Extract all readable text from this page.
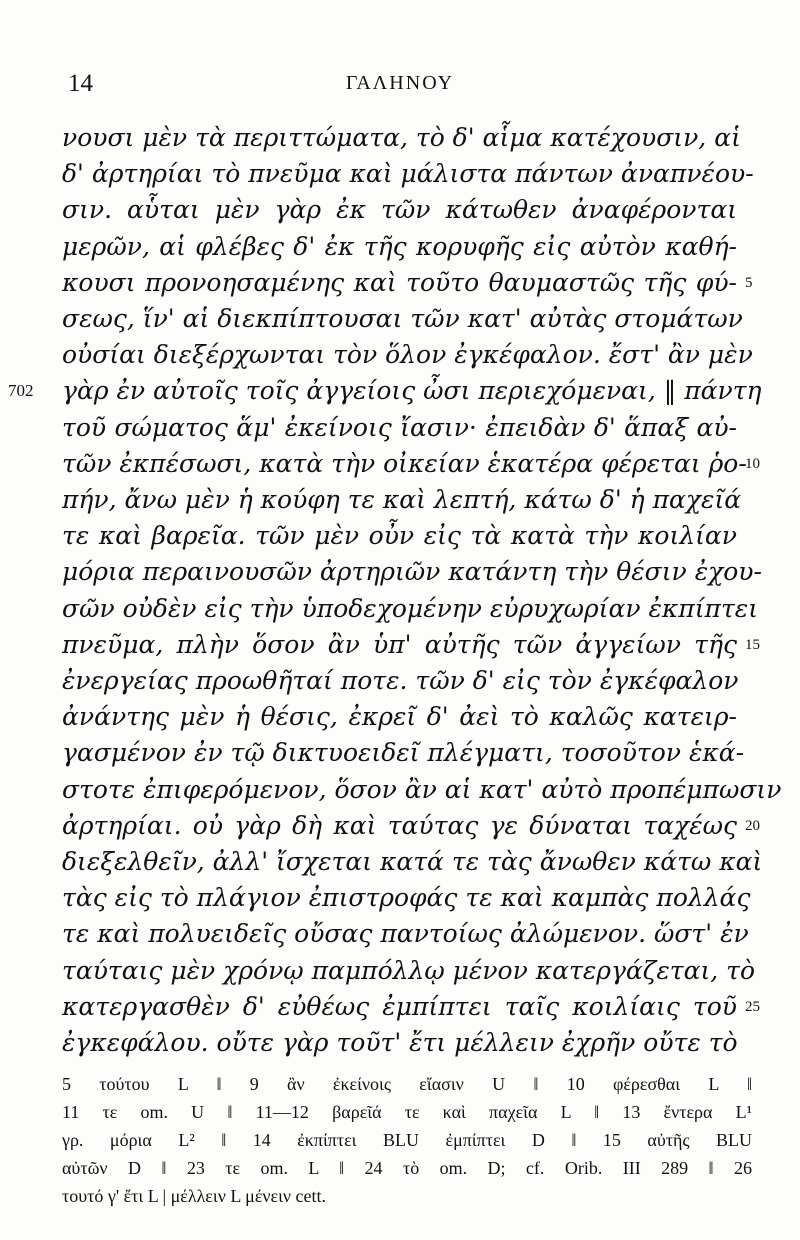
14	ΓΑΛΗΝΟΥ
νουσι μὲν τὰ περιττώματα, τὸ δ' αἷμα κατέχουσιν, αἱ
δ' ἀρτηρίαι τὸ πνεῦμα καὶ μάλιστα πάντων ἀναπνέου-
σιν. αὗται μὲν γὰρ ἐκ τῶν κάτωθεν ἀναφέρονται
μερῶν, αἱ φλέβες δ' ἐκ τῆς κορυφῆς εἰς αὐτὸν καθή-
κουσι προνοησαμένης καὶ τοῦτο θαυμαστῶς τῆς φύ- 5
σεως, ἵν' αἱ διεκπίπτουσαι τῶν κατ' αὐτὰς στομάτων
οὐσίαι διεξέρχωνται τὸν ὅλον ἐγκέφαλον. ἔστ' ἂν μὲν
γὰρ ἐν αὐτοῖς τοῖς ἀγγείοις ὦσι περιεχόμεναι, ‖ πάντη
702
τοῦ σώματος ἅμ' ἐκείνοις ἴασιν· ἐπειδὰν δ' ἅπαξ αὐ-
τῶν ἐκπέσωσι, κατὰ τὴν οἰκείαν ἑκατέρα φέρεται ῥο-
10
πήν, ἄνω μὲν ἡ κούφη τε καὶ λεπτή, κάτω δ' ἡ παχεῖά
τε καὶ βαρεῖα. τῶν μὲν οὖν εἰς τὰ κατὰ τὴν κοιλίαν
μόρια περαινουσῶν ἀρτηριῶν κατάντη τὴν θέσιν ἐχου-
σῶν οὐδὲν εἰς τὴν ὑποδεχομένην εὐρυχωρίαν ἐκπίπτει
πνεῦμα, πλὴν ὅσον ἂν ὑπ' αὐτῆς τῶν ἀγγείων τῆς 15
ἐνεργείας προωθῆταί ποτε. τῶν δ' εἰς τὸν ἐγκέφαλον
ἀνάντης μὲν ἡ θέσις, ἐκρεῖ δ' ἀεὶ τὸ καλῶς κατειρ-
γασμένον ἐν τῷ δικτυοειδεῖ πλέγματι, τοσοῦτον ἑκά-
στοτε ἐπιφερόμενον, ὅσον ἂν αἱ κατ' αὐτὸ προπέμπωσιν
ἀρτηρίαι. οὐ γὰρ δὴ καὶ ταύτας γε δύναται ταχέως 20
διεξελθεῖν, ἀλλ' ἴσχεται κατά τε τὰς ἄνωθεν κάτω καὶ
τὰς εἰς τὸ πλάγιον ἐπιστροφάς τε καὶ καμπὰς πολλάς
τε καὶ πολυειδεῖς οὔσας παντοίως ἀλώμενον. ὥστ' ἐν
ταύταις μὲν χρόνῳ παμπόλλῳ μένον κατεργάζεται, τὸ
κατεργασθὲν δ' εὐθέως ἐμπίπτει ταῖς κοιλίαις τοῦ 25
ἐγκεφάλου. οὔτε γὰρ τοῦτ' ἔτι μέλλειν ἐχρῆν οὔτε τὸ
5 τούτου L ‖ 9 ἂν ἐκείνοις εἴασιν U ‖ 10 φέρεσθαι L ‖
11 τε om. U ‖ 11—12 βαρεῖά τε καὶ παχεῖα L ‖ 13 ἔντερα L¹
γρ. μόρια L² ‖ 14 ἐκπίπτει BLU ἐμπίπτει D ‖ 15 αὐτῆς BLU
αὐτῶν D ‖ 23 τε om. L ‖ 24 τὸ om. D; cf. Orib. III 289 ‖ 26
τουτό γ' ἔτι L | μέλλειν L μένειν cett.
